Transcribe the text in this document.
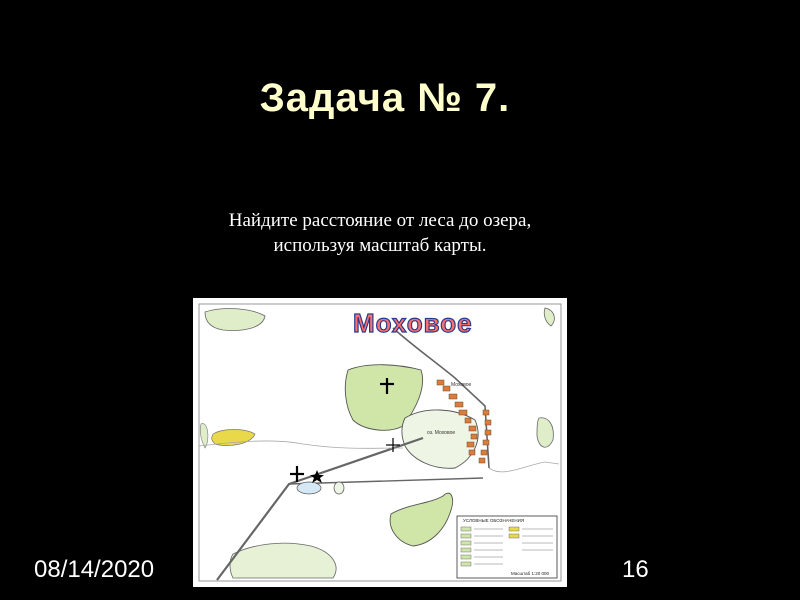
Задача № 7.
Найдите расстояние от леса до озера,
используя масштаб карты.
Моховое
Моховое
оз. Моховое
УСЛОВНЫЕ ОБОЗНАЧЕНИЯ
Масштаб 1:20 000
08/14/2020	16
